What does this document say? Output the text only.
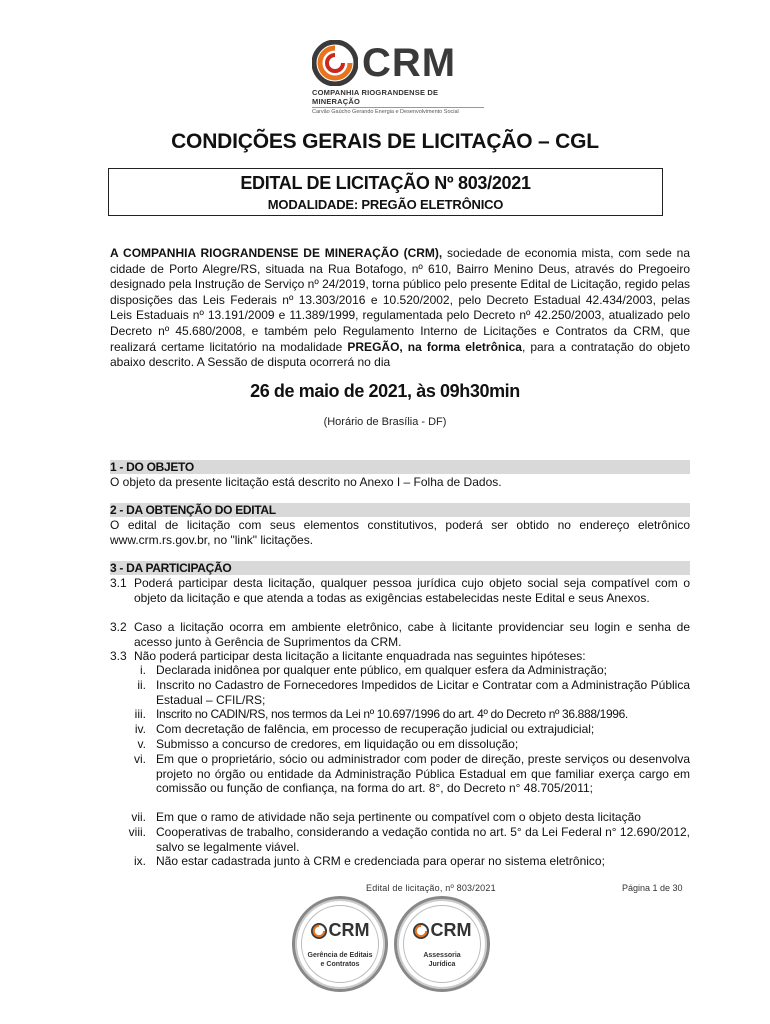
CRM
COMPANHIA RIOGRANDENSE DE MINERAÇÃO
Carvão Gaúcho Gerando Energia e Desenvolvimento Social
CONDIÇÕES GERAIS DE LICITAÇÃO – CGL
EDITAL DE LICITAÇÃO Nº 803/2021
MODALIDADE: PREGÃO ELETRÔNICO
A COMPANHIA RIOGRANDENSE DE MINERAÇÃO (CRM), sociedade de economia mista, com sede na cidade de Porto Alegre/RS, situada na Rua Botafogo, nº 610, Bairro Menino Deus, através do Pregoeiro designado pela Instrução de Serviço nº 24/2019, torna público pelo presente Edital de Licitação, regido pelas disposições das Leis Federais nº 13.303/2016 e 10.520/2002, pelo Decreto Estadual 42.434/2003, pelas Leis Estaduais nº 13.191/2009 e 11.389/1999, regulamentada pelo Decreto nº 42.250/2003, atualizado pelo Decreto nº 45.680/2008, e também pelo Regulamento Interno de Licitações e Contratos da CRM, que realizará certame licitatório na modalidade PREGÃO, na forma eletrônica, para a contratação do objeto abaixo descrito. A Sessão de disputa ocorrerá no dia
26 de maio de 2021, às 09h30min
(Horário de Brasília - DF)
1 - DO OBJETO
O objeto da presente licitação está descrito no Anexo I – Folha de Dados.
2 - DA OBTENÇÃO DO EDITAL
O edital de licitação com seus elementos constitutivos, poderá ser obtido no endereço eletrônico www.crm.rs.gov.br, no "link" licitações.
3 - DA PARTICIPAÇÃO
3.1 Poderá participar desta licitação, qualquer pessoa jurídica cujo objeto social seja compatível com o objeto da licitação e que atenda a todas as exigências estabelecidas neste Edital e seus Anexos.
3.2 Caso a licitação ocorra em ambiente eletrônico, cabe à licitante providenciar seu login e senha de acesso junto à Gerência de Suprimentos da CRM.
3.3 Não poderá participar desta licitação a licitante enquadrada nas seguintes hipóteses:
i. Declarada inidônea por qualquer ente público, em qualquer esfera da Administração;
ii. Inscrito no Cadastro de Fornecedores Impedidos de Licitar e Contratar com a Administração Pública Estadual – CFIL/RS;
iii. Inscrito no CADIN/RS, nos termos da Lei nº 10.697/1996 do art. 4º do Decreto nº 36.888/1996.
iv. Com decretação de falência, em processo de recuperação judicial ou extrajudicial;
v. Submisso a concurso de credores, em liquidação ou em dissolução;
vi. Em que o proprietário, sócio ou administrador com poder de direção, preste serviços ou desenvolva projeto no órgão ou entidade da Administração Pública Estadual em que familiar exerça cargo em comissão ou função de confiança, na forma do art. 8°, do Decreto n° 48.705/2011;
vii. Em que o ramo de atividade não seja pertinente ou compatível com o objeto desta licitação
viii. Cooperativas de trabalho, considerando a vedação contida no art. 5° da Lei Federal n° 12.690/2012, salvo se legalmente viável.
ix. Não estar cadastrada junto à CRM e credenciada para operar no sistema eletrônico;
Edital de licitação, nº 803/2021	Página 1 de 30
CRM
Gerência de Editais
e Contratos
CRM
Assessoria
Jurídica
